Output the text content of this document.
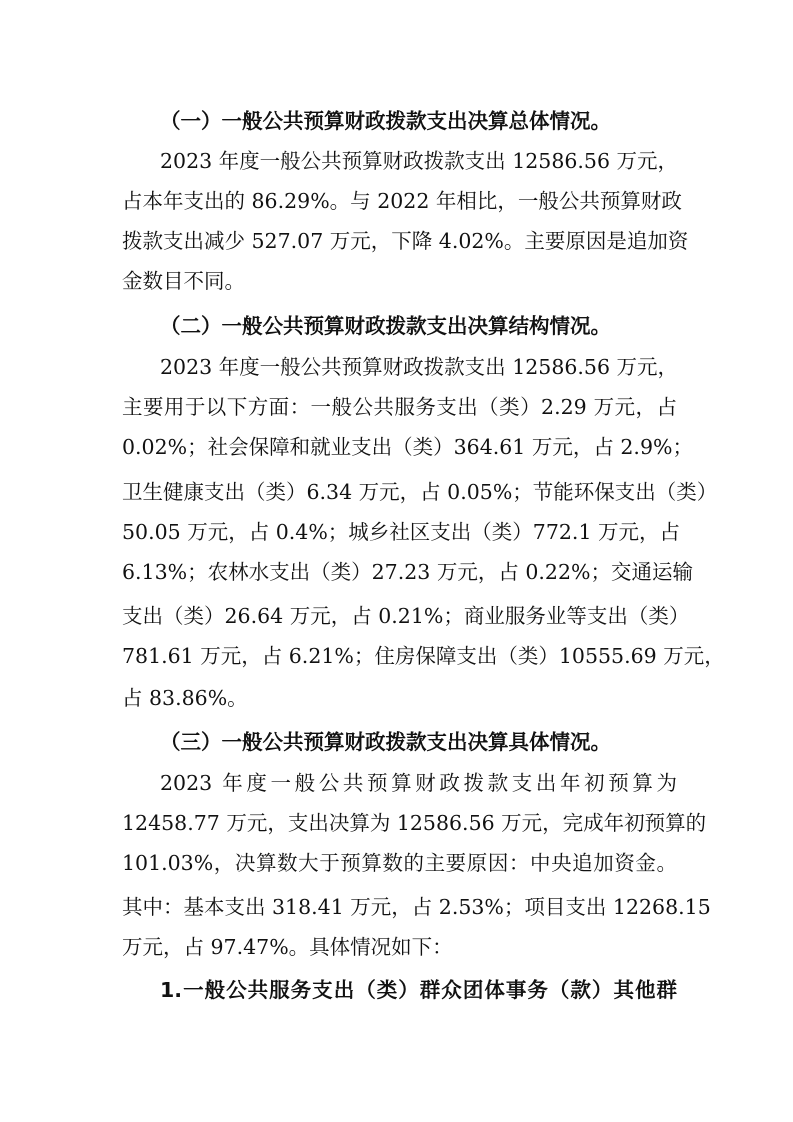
（一）一般公共预算财政拨款支出决算总体情况。
2023 年度一般公共预算财政拨款支出 12586.56 万元，
占本年支出的 86.29%。与 2022 年相比，一般公共预算财政
拨款支出减少 527.07 万元，下降 4.02%。主要原因是追加资
金数目不同。
（二）一般公共预算财政拨款支出决算结构情况。
2023 年度一般公共预算财政拨款支出 12586.56 万元，
主要用于以下方面：一般公共服务支出（类）2.29 万元，占
0.02%；社会保障和就业支出（类）364.61 万元，占 2.9%；
卫生健康支出（类）6.34 万元，占 0.05%；节能环保支出（类）
50.05 万元，占 0.4%；城乡社区支出（类）772.1 万元，占
6.13%；农林水支出（类）27.23 万元，占 0.22%；交通运输
支出（类）26.64 万元，占 0.21%；商业服务业等支出（类）
781.61 万元，占 6.21%；住房保障支出（类）10555.69 万元，
占 83.86%。
（三）一般公共预算财政拨款支出决算具体情况。
2023 年度一般公共预算财政拨款支出年初预算为
12458.77 万元，支出决算为 12586.56 万元，完成年初预算的
101.03%，决算数大于预算数的主要原因：中央追加资金。
其中：基本支出 318.41 万元，占 2.53%；项目支出 12268.15
万元，占 97.47%。具体情况如下：
1.一般公共服务支出（类）群众团体事务（款）其他群
